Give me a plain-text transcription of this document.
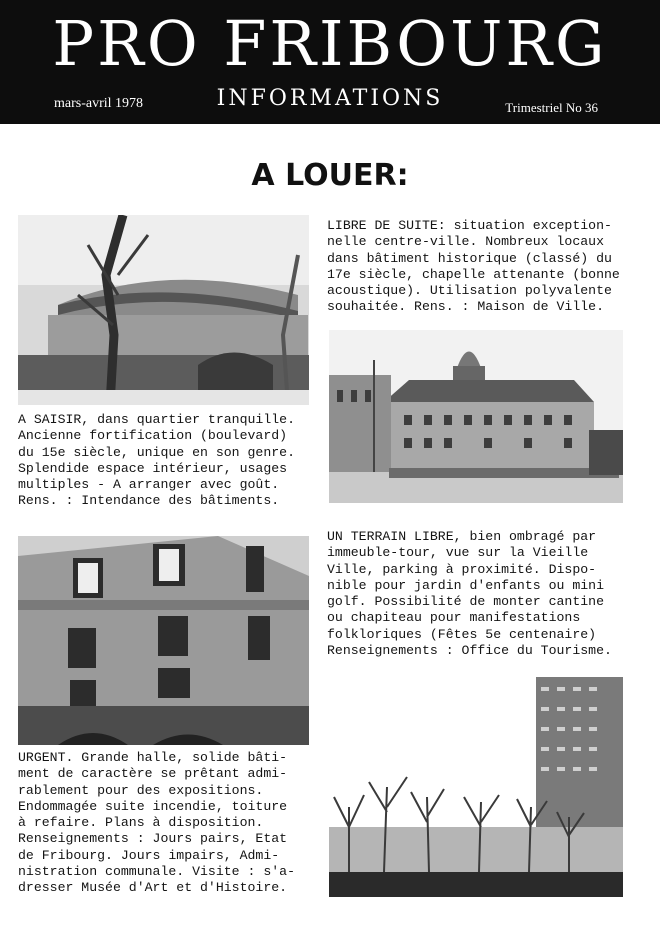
PRO FRIBOURG
mars-avril 1978	INFORMATIONS	Trimestriel No 36
A LOUER:
LIBRE DE SUITE: situation exception-
nelle centre-ville. Nombreux locaux
dans bâtiment historique (classé) du
17e siècle, chapelle attenante (bonne
acoustique). Utilisation polyvalente
souhaitée. Rens. : Maison de Ville.
A SAISIR, dans quartier tranquille.
Ancienne fortification (boulevard)
du 15e siècle, unique en son genre.
Splendide espace intérieur, usages
multiples - A arranger avec goût.
Rens. : Intendance des bâtiments.
UN TERRAIN LIBRE, bien ombragé par
immeuble-tour, vue sur la Vieille
Ville, parking à proximité. Dispo-
nible pour jardin d'enfants ou mini
golf. Possibilité de monter cantine
ou chapiteau pour manifestations
folkloriques (Fêtes 5e centenaire)
Renseignements : Office du Tourisme.
URGENT. Grande halle, solide bâti-
ment de caractère se prêtant admi-
rablement pour des expositions.
Endommagée suite incendie, toiture
à refaire. Plans à disposition.
Renseignements : Jours pairs, Etat
de Fribourg. Jours impairs, Admi-
nistration communale. Visite : s'a-
dresser Musée d'Art et d'Histoire.
